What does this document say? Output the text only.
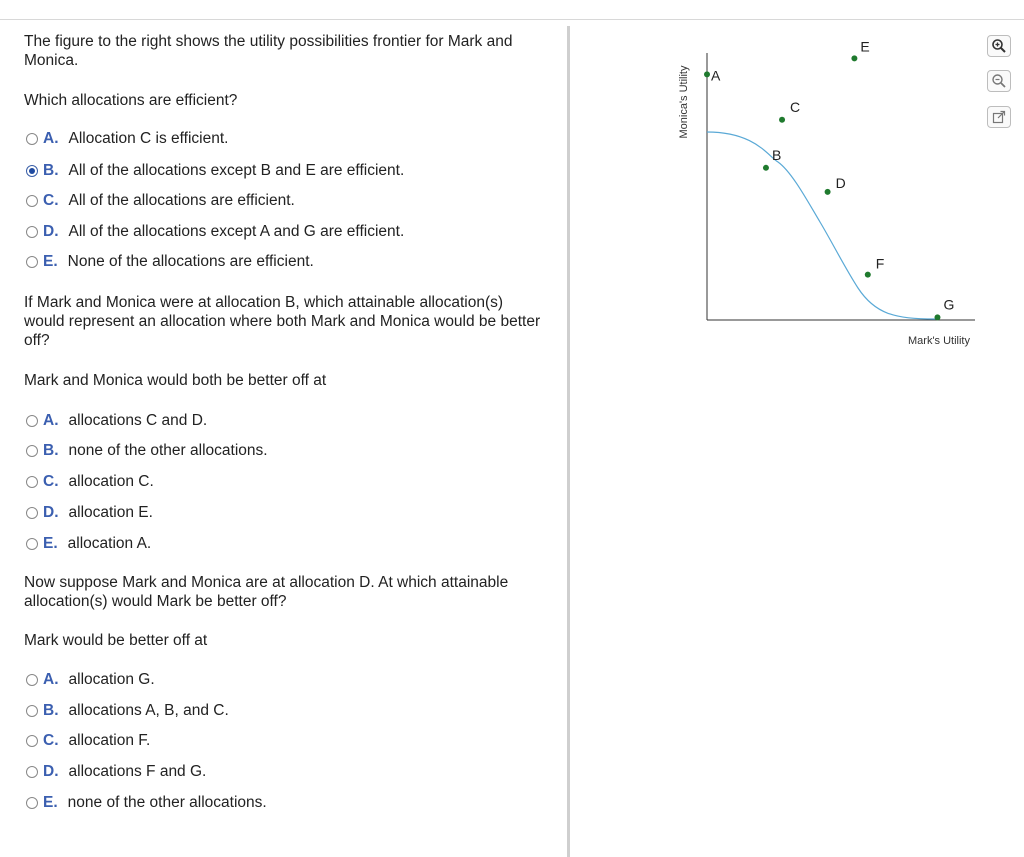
The figure to the right shows the utility possibilities frontier for Mark and Monica.
Which allocations are efficient?
A. Allocation C is efficient.
B. All of the allocations except B and E are efficient.
C. All of the allocations are efficient.
D. All of the allocations except A and G are efficient.
E. None of the allocations are efficient.
If Mark and Monica were at allocation B, which attainable allocation(s) would represent an allocation where both Mark and Monica would be better off?
Mark and Monica would both be better off at
A. allocations C and D.
B. none of the other allocations.
C. allocation C.
D. allocation E.
E. allocation A.
Now suppose Mark and Monica are at allocation D. At which attainable allocation(s) would Mark be better off?
Mark would be better off at
A. allocation G.
B. allocations A, B, and C.
C. allocation F.
D. allocations F and G.
E. none of the other allocations.
Monica's Utility
Mark's Utility
A
B
C
D
E
F
G
